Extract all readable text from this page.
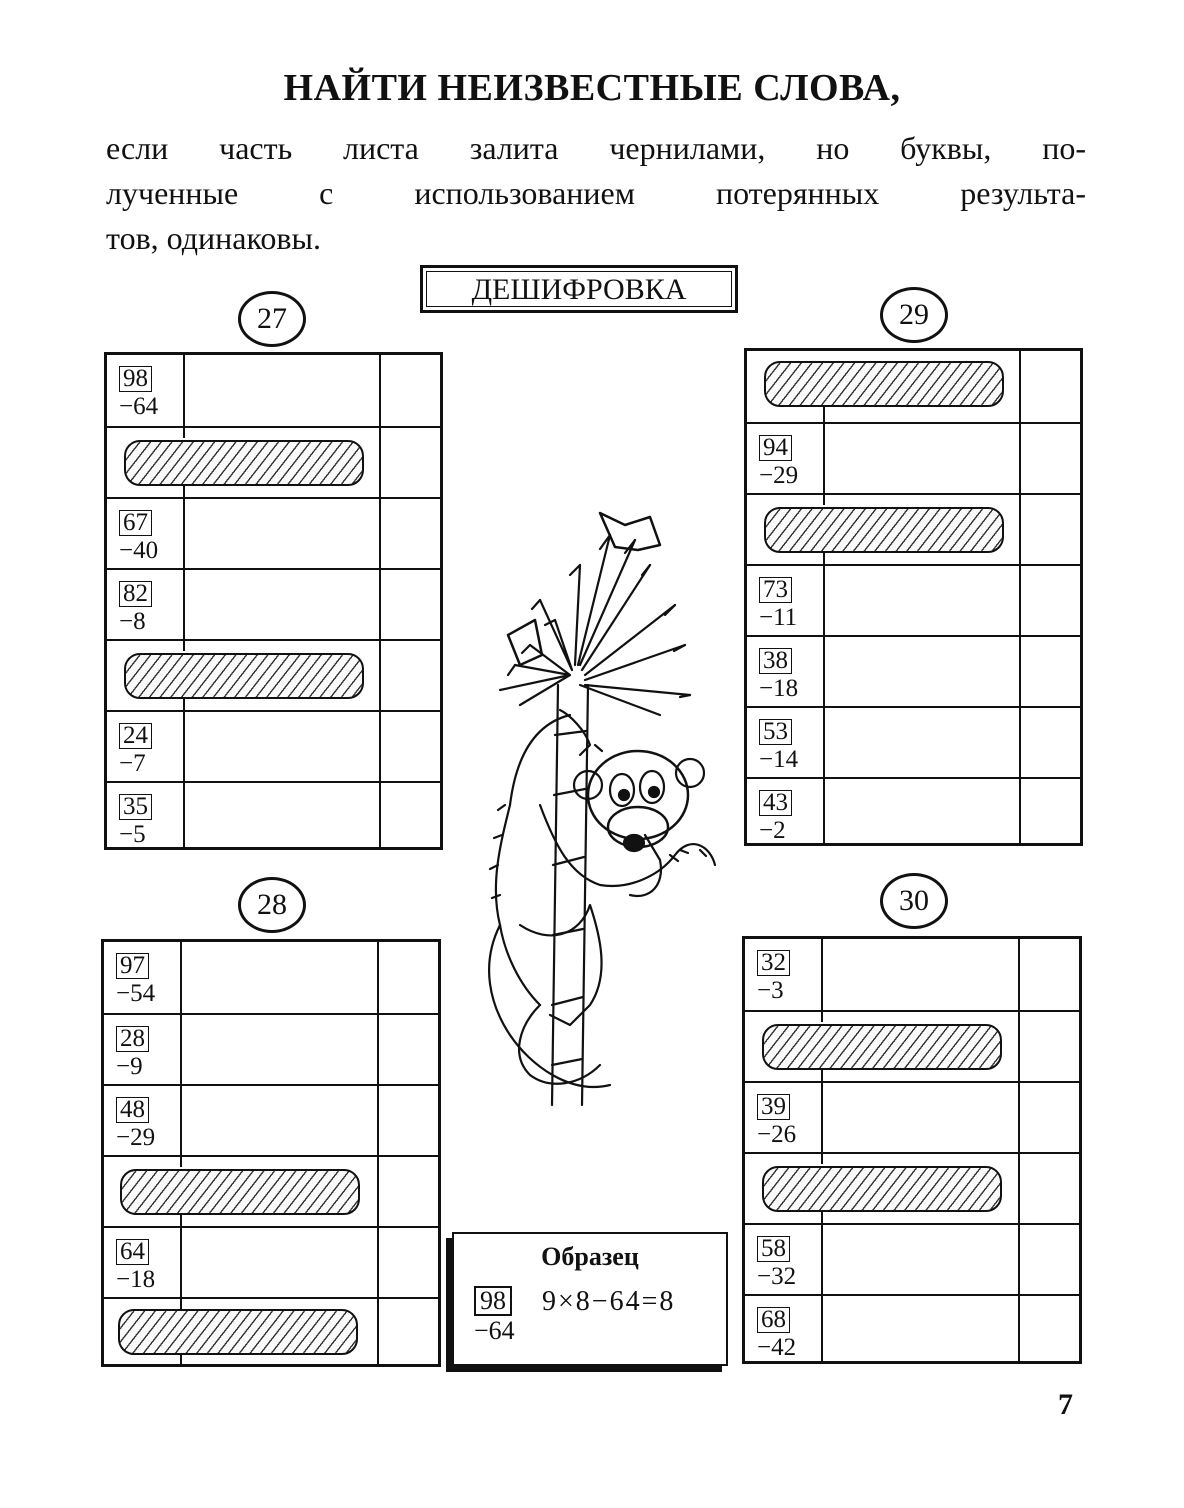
НАЙТИ НЕИЗВЕСТНЫЕ СЛОВА,
если часть листа залита чернилами, но буквы, по-
лученные с использованием потерянных результа-
тов, одинаковы.
ДЕШИФРОВКА
27	29
28	30
98
−64
67
−40
82
−8
24
−7
35
−5
94
−29
73
−11
38
−18
53
−14
43
−2
97
−54
28
−9
48
−29
64
−18
32
−3
39
−26
58
−32
68
−42
Образец
98
−64
9×8−64=8
7
